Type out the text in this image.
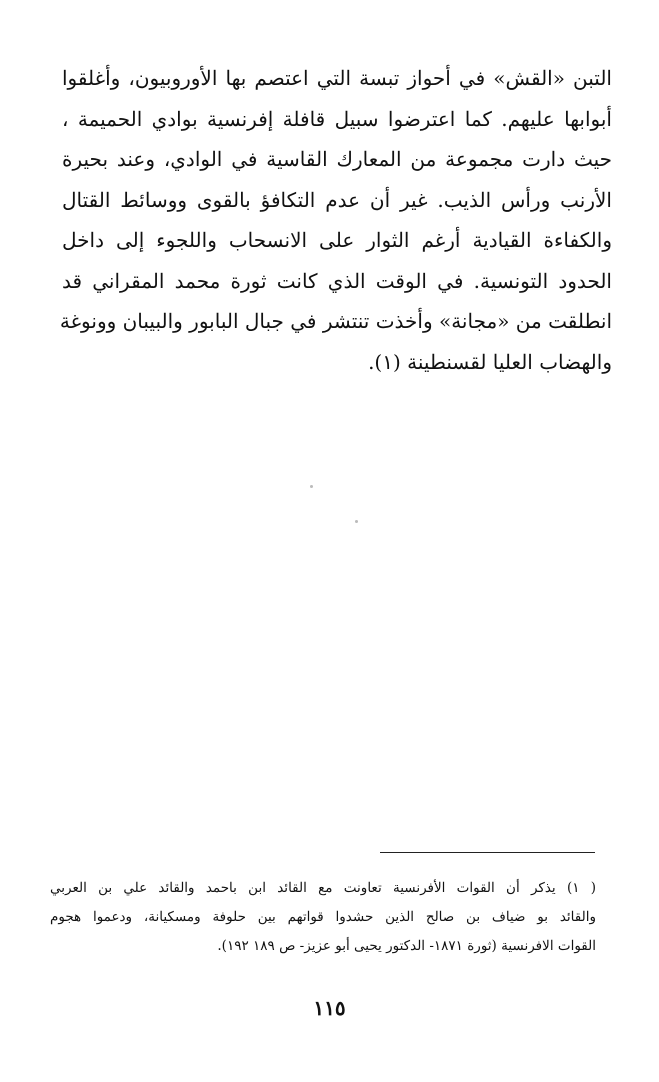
التبن «القش» في أحواز تبسة التي اعتصم بها الأوروبيون، وأغلقوا
أبوابها عليهم. كما اعترضوا سبيل قافلة إفرنسية بوادي الحميمة ،
حيث دارت مجموعة من المعارك القاسية في الوادي، وعند بحيرة
الأرنب ورأس الذيب. غير أن عدم التكافؤ بالقوى ووسائط القتال
والكفاءة القيادية أرغم الثوار على الانسحاب واللجوء إلى داخل
الحدود التونسية. في الوقت الذي كانت ثورة محمد المقراني قد
انطلقت من «مجانة» وأخذت تنتشر في جبال البابور والبيبان وونوغة
والهضاب العليا لقسنطينة (١).
( ١) يذكر أن القوات الأفرنسية تعاونت مع القائد ابن باحمد والقائد علي بن العربي
والقائد بو ضياف بن صالح الذين حشدوا قواتهم بين حلوفة ومسكيانة، ودعموا هجوم
القوات الافرنسية (ثورة ١٨٧١- الدكتور يحيى أبو عزيز- ص ١٨٩ ١٩٢).
١١٥
